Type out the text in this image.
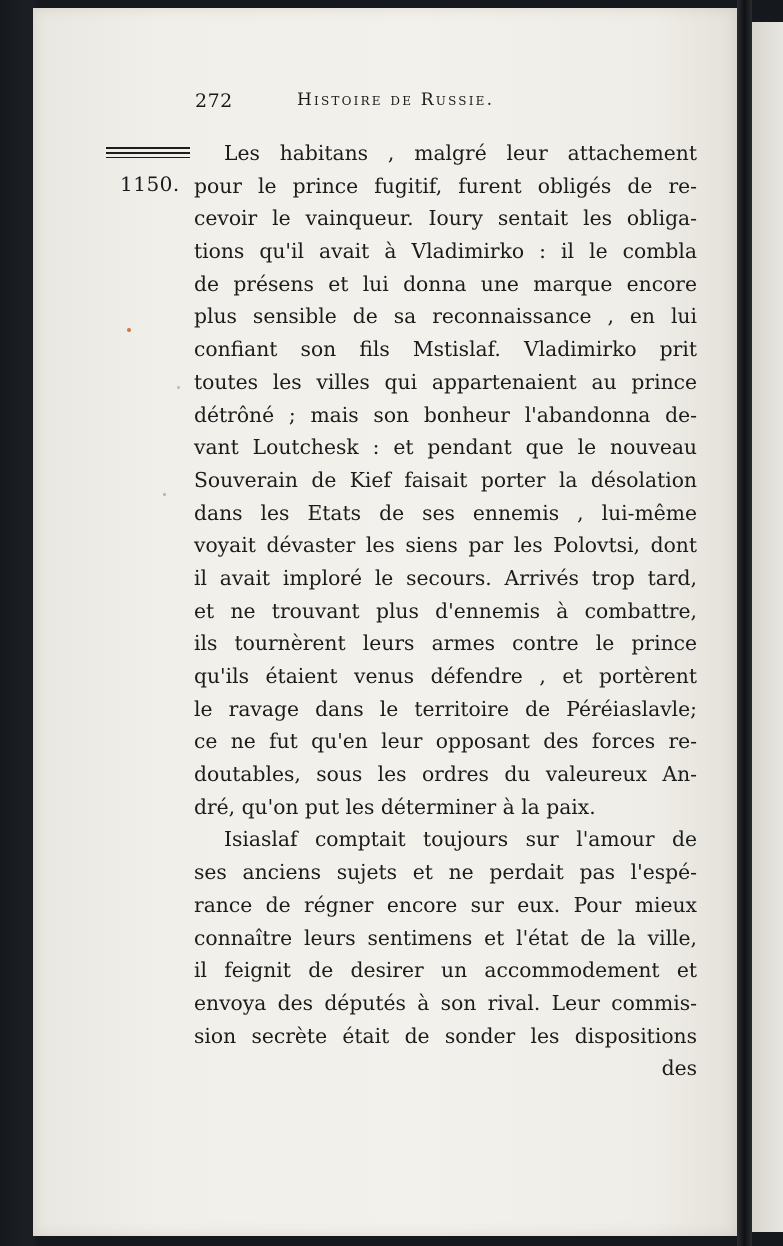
272	Histoire de Russie.
1150.
Les habitans , malgré leur attachement
pour le prince fugitif, furent obligés de re-
cevoir le vainqueur. Ioury sentait les obliga-
tions qu'il avait à Vladimirko : il le combla
de présens et lui donna une marque encore
plus sensible de sa reconnaissance , en lui
confiant son fils Mstislaf. Vladimirko prit
toutes les villes qui appartenaient au prince
détrôné ; mais son bonheur l'abandonna de-
vant Loutchesk : et pendant que le nouveau
Souverain de Kief faisait porter la désolation
dans les Etats de ses ennemis , lui-même
voyait dévaster les siens par les Polovtsi, dont
il avait imploré le secours. Arrivés trop tard,
et ne trouvant plus d'ennemis à combattre,
ils tournèrent leurs armes contre le prince
qu'ils étaient venus défendre , et portèrent
le ravage dans le territoire de Péréiaslavle;
ce ne fut qu'en leur opposant des forces re-
doutables, sous les ordres du valeureux An-
dré, qu'on put les déterminer à la paix.
Isiaslaf comptait toujours sur l'amour de
ses anciens sujets et ne perdait pas l'espé-
rance de régner encore sur eux. Pour mieux
connaître leurs sentimens et l'état de la ville,
il feignit de desirer un accommodement et
envoya des députés à son rival. Leur commis-
sion secrète était de sonder les dispositions
des
